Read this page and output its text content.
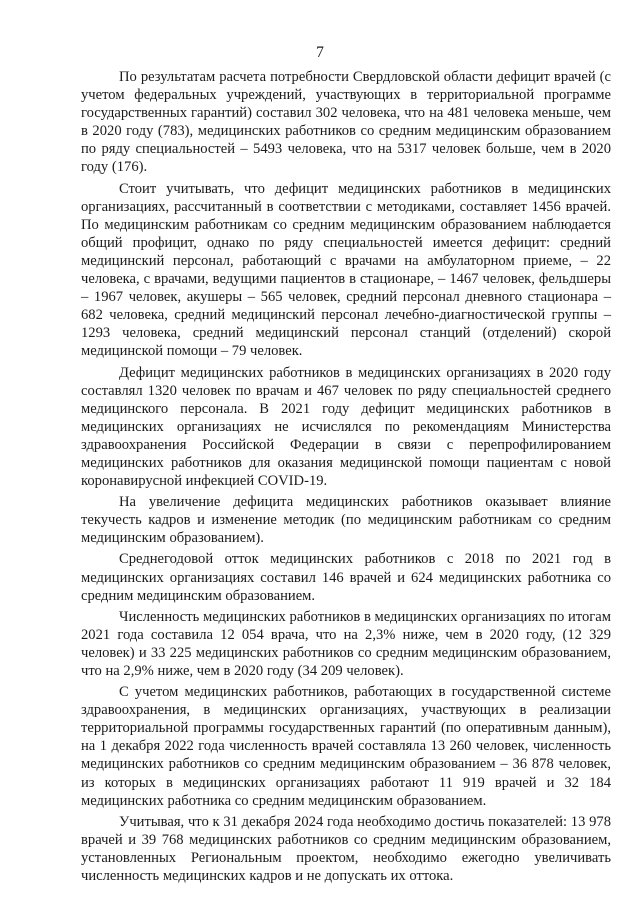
7

По результатам расчета потребности Свердловской области дефицит врачей (с учетом федеральных учреждений, участвующих в территориальной программе государственных гарантий) составил 302 человека, что на 481 человека меньше, чем в 2020 году (783), медицинских работников со средним медицинским образованием по ряду специальностей – 5493 человека, что на 5317 человек больше, чем в 2020 году (176).

Стоит учитывать, что дефицит медицинских работников в медицинских организациях, рассчитанный в соответствии с методиками, составляет 1456 врачей. По медицинским работникам со средним медицинским образованием наблюдается общий профицит, однако по ряду специальностей имеется дефицит: средний медицинский персонал, работающий с врачами на амбулаторном приеме, – 22 человека, с врачами, ведущими пациентов в стационаре, – 1467 человек, фельдшеры – 1967 человек, акушеры – 565 человек, средний персонал дневного стационара – 682 человека, средний медицинский персонал лечебно-диагностической группы – 1293 человека, средний медицинский персонал станций (отделений) скорой медицинской помощи – 79 человек.

Дефицит медицинских работников в медицинских организациях в 2020 году составлял 1320 человек по врачам и 467 человек по ряду специальностей среднего медицинского персонала. В 2021 году дефицит медицинских работников в медицинских организациях не исчислялся по рекомендациям Министерства здравоохранения Российской Федерации в связи с перепрофилированием медицинских работников для оказания медицинской помощи пациентам с новой коронавирусной инфекцией COVID-19.

На увеличение дефицита медицинских работников оказывает влияние текучесть кадров и изменение методик (по медицинским работникам со средним медицинским образованием).

Среднегодовой отток медицинских работников с 2018 по 2021 год в медицинских организациях составил 146 врачей и 624 медицинских работника со средним медицинским образованием.

Численность медицинских работников в медицинских организациях по итогам 2021 года составила 12 054 врача, что на 2,3% ниже, чем в 2020 году, (12 329 человек) и 33 225 медицинских работников со средним медицинским образованием, что на 2,9% ниже, чем в 2020 году (34 209 человек).

С учетом медицинских работников, работающих в государственной системе здравоохранения, в медицинских организациях, участвующих в реализации территориальной программы государственных гарантий (по оперативным данным), на 1 декабря 2022 года численность врачей составляла 13 260 человек, численность медицинских работников со средним медицинским образованием – 36 878 человек, из которых в медицинских организациях работают 11 919 врачей и 32 184 медицинских работника со средним медицинским образованием.

Учитывая, что к 31 декабря 2024 года необходимо достичь показателей: 13 978 врачей и 39 768 медицинских работников со средним медицинским образованием, установленных Региональным проектом, необходимо ежегодно увеличивать численность медицинских кадров и не допускать их оттока.
